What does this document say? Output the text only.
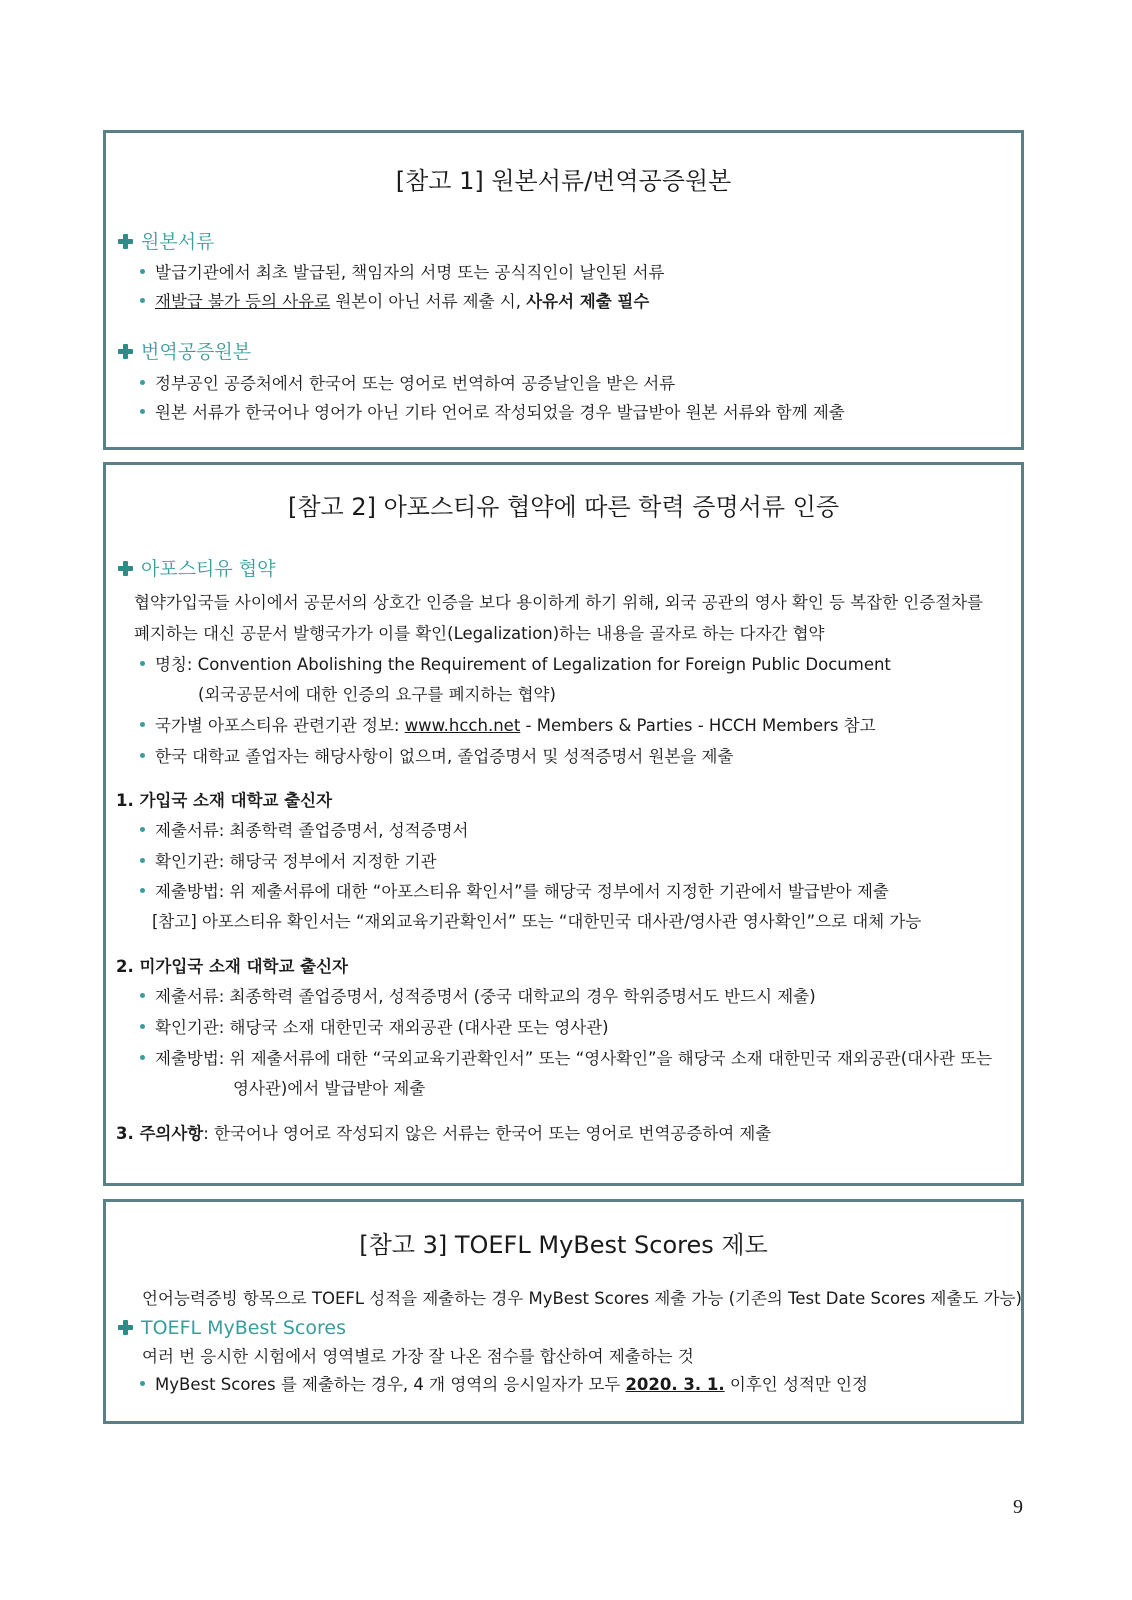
[참고 1] 원본서류/번역공증원본
원본서류
발급기관에서 최초 발급된, 책임자의 서명 또는 공식직인이 날인된 서류
재발급 불가 등의 사유로 원본이 아닌 서류 제출 시, 사유서 제출 필수
번역공증원본
정부공인 공증처에서 한국어 또는 영어로 번역하여 공증날인을 받은 서류
원본 서류가 한국어나 영어가 아닌 기타 언어로 작성되었을 경우 발급받아 원본 서류와 함께 제출
[참고 2] 아포스티유 협약에 따른 학력 증명서류 인증
아포스티유 협약
협약가입국들 사이에서 공문서의 상호간 인증을 보다 용이하게 하기 위해, 외국 공관의 영사 확인 등 복잡한 인증절차를
폐지하는 대신 공문서 발행국가가 이를 확인(Legalization)하는 내용을 골자로 하는 다자간 협약
명칭: Convention Abolishing the Requirement of Legalization for Foreign Public Document
(외국공문서에 대한 인증의 요구를 폐지하는 협약)
국가별 아포스티유 관련기관 정보: www.hcch.net - Members & Parties - HCCH Members 참고
한국 대학교 졸업자는 해당사항이 없으며, 졸업증명서 및 성적증명서 원본을 제출
1. 가입국 소재 대학교 출신자
제출서류: 최종학력 졸업증명서, 성적증명서
확인기관: 해당국 정부에서 지정한 기관
제출방법: 위 제출서류에 대한 “아포스티유 확인서”를 해당국 정부에서 지정한 기관에서 발급받아 제출
[참고] 아포스티유 확인서는 “재외교육기관확인서” 또는 “대한민국 대사관/영사관 영사확인”으로 대체 가능
2. 미가입국 소재 대학교 출신자
제출서류: 최종학력 졸업증명서, 성적증명서 (중국 대학교의 경우 학위증명서도 반드시 제출)
확인기관: 해당국 소재 대한민국 재외공관 (대사관 또는 영사관)
제출방법: 위 제출서류에 대한 “국외교육기관확인서” 또는 “영사확인”을 해당국 소재 대한민국 재외공관(대사관 또는
영사관)에서 발급받아 제출
3. 주의사항: 한국어나 영어로 작성되지 않은 서류는 한국어 또는 영어로 번역공증하여 제출
[참고 3] TOEFL MyBest Scores 제도
언어능력증빙 항목으로 TOEFL 성적을 제출하는 경우 MyBest Scores 제출 가능 (기존의 Test Date Scores 제출도 가능)
TOEFL MyBest Scores
여러 번 응시한 시험에서 영역별로 가장 잘 나온 점수를 합산하여 제출하는 것
MyBest Scores 를 제출하는 경우, 4 개 영역의 응시일자가 모두 2020. 3. 1. 이후인 성적만 인정
9
